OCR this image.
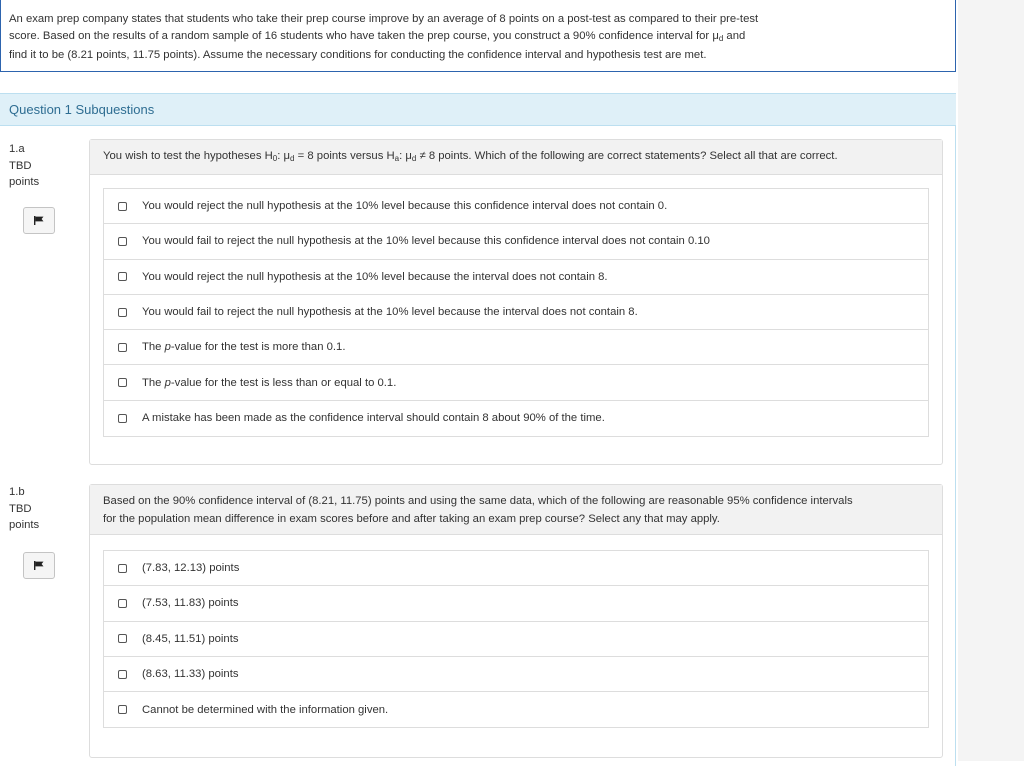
An exam prep company states that students who take their prep course improve by an average of 8 points on a post-test as compared to their pre-test
score. Based on the results of a random sample of 16 students who have taken the prep course, you construct a 90% confidence interval for $\mu_d$ and
find it to be (8.21 points, 11.75 points). Assume the necessary conditions for conducting the confidence interval and hypothesis test are met.
Question 1 Subquestions
1.a
TBD
points
You wish to test the hypotheses $H_0$: $\mu_d = 8$ points versus $H_a$: $\mu_d \ne 8$ points. Which of the following are correct statements? Select all that are correct.
You would reject the null hypothesis at the 10% level because this confidence interval does not contain 0.
You would fail to reject the null hypothesis at the 10% level because this confidence interval does not contain 0.10
You would reject the null hypothesis at the 10% level because the interval does not contain 8.
You would fail to reject the null hypothesis at the 10% level because the interval does not contain 8.
The p-value for the test is more than 0.1.
The p-value for the test is less than or equal to 0.1.
A mistake has been made as the confidence interval should contain 8 about 90% of the time.
1.b
TBD
points
Based on the 90% confidence interval of (8.21, 11.75) points and using the same data, which of the following are reasonable 95% confidence intervals
for the population mean difference in exam scores before and after taking an exam prep course? Select any that may apply.
(7.83, 12.13) points
(7.53, 11.83) points
(8.45, 11.51) points
(8.63, 11.33) points
Cannot be determined with the information given.
